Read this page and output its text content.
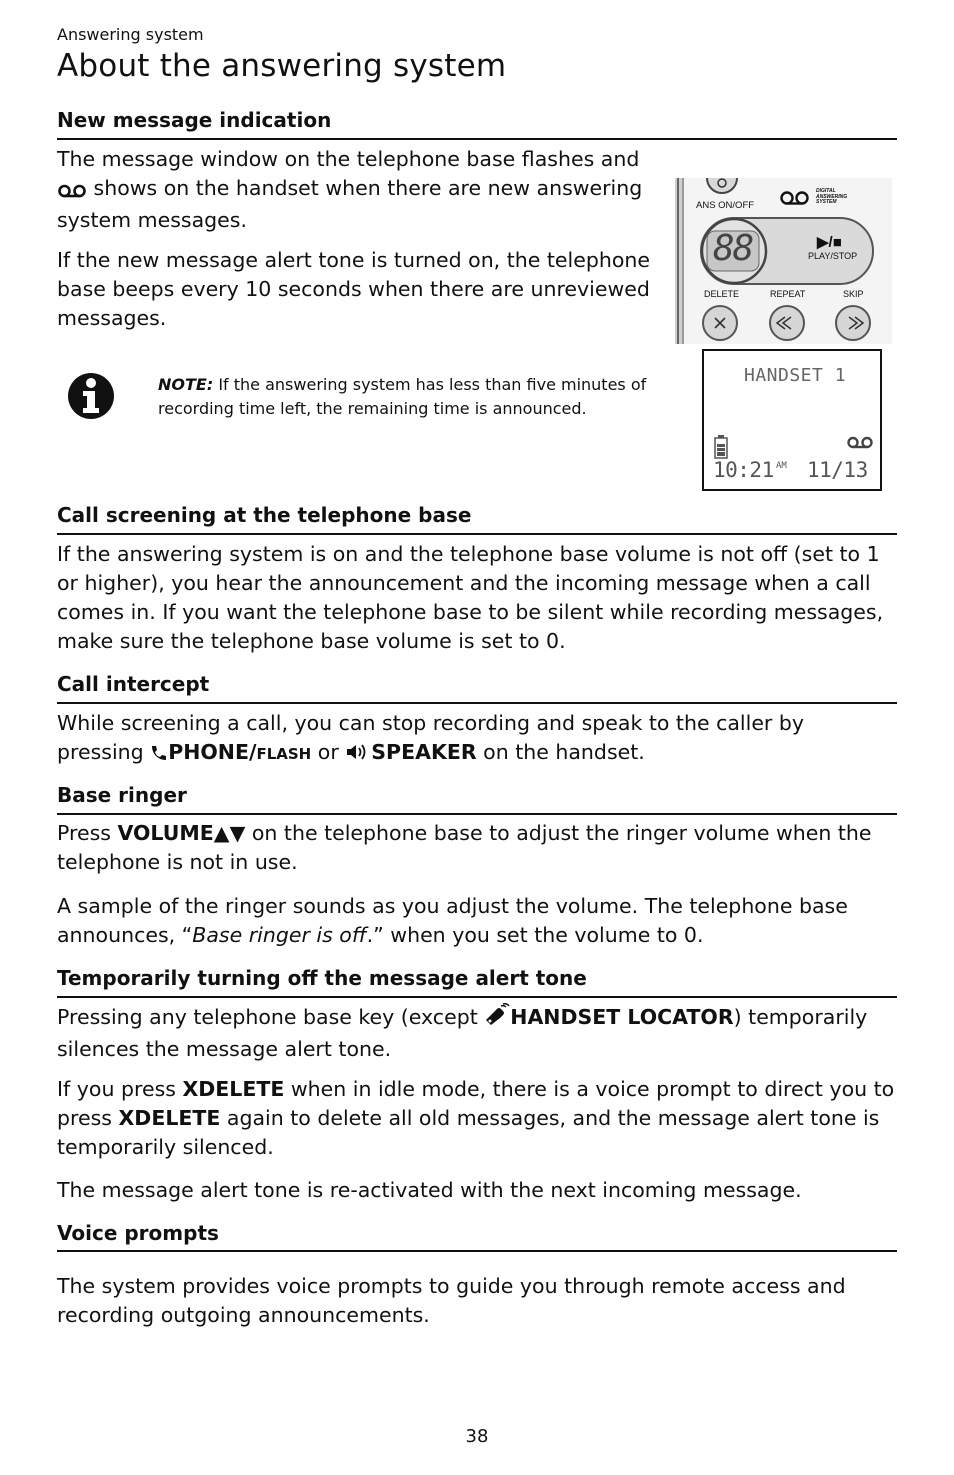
Answering system
About the answering system
New message indication

The message window on the telephone base flashes and  shows on the handset when there are new answering system messages.

If the new message alert tone is turned on, the telephone base beeps every 10 seconds when there are unreviewed messages.

ANS ON/OFF
DIGITAL
ANSWERING
SYSTEM
88	▶/■
PLAY/STOP
DELETE	REPEAT	SKIP

NOTE: If the answering system has less than five minutes of recording time left, the remaining time is announced.

HANDSET 1
10:21 AM 11/13
Call screening at the telephone base

If the answering system is on and the telephone base volume is not off (set to 1 or higher), you hear the announcement and the incoming message when a call comes in. If you want the telephone base to be silent while recording messages, make sure the telephone base volume is set to 0.

Call intercept

While screening a call, you can stop recording and speak to the caller by pressing PHONE/FLASH or SPEAKER on the handset.

Base ringer

Press VOLUME▲▼ on the telephone base to adjust the ringer volume when the telephone is not in use.

A sample of the ringer sounds as you adjust the volume. The telephone base announces, “Base ringer is off.” when you set the volume to 0.

Temporarily turning off the message alert tone

Pressing any telephone base key (except HANDSET LOCATOR) temporarily silences the message alert tone.

If you press XDELETE when in idle mode, there is a voice prompt to direct you to press XDELETE again to delete all old messages, and the message alert tone is temporarily silenced.

The message alert tone is re-activated with the next incoming message.

Voice prompts

The system provides voice prompts to guide you through remote access and recording outgoing announcements.

38
